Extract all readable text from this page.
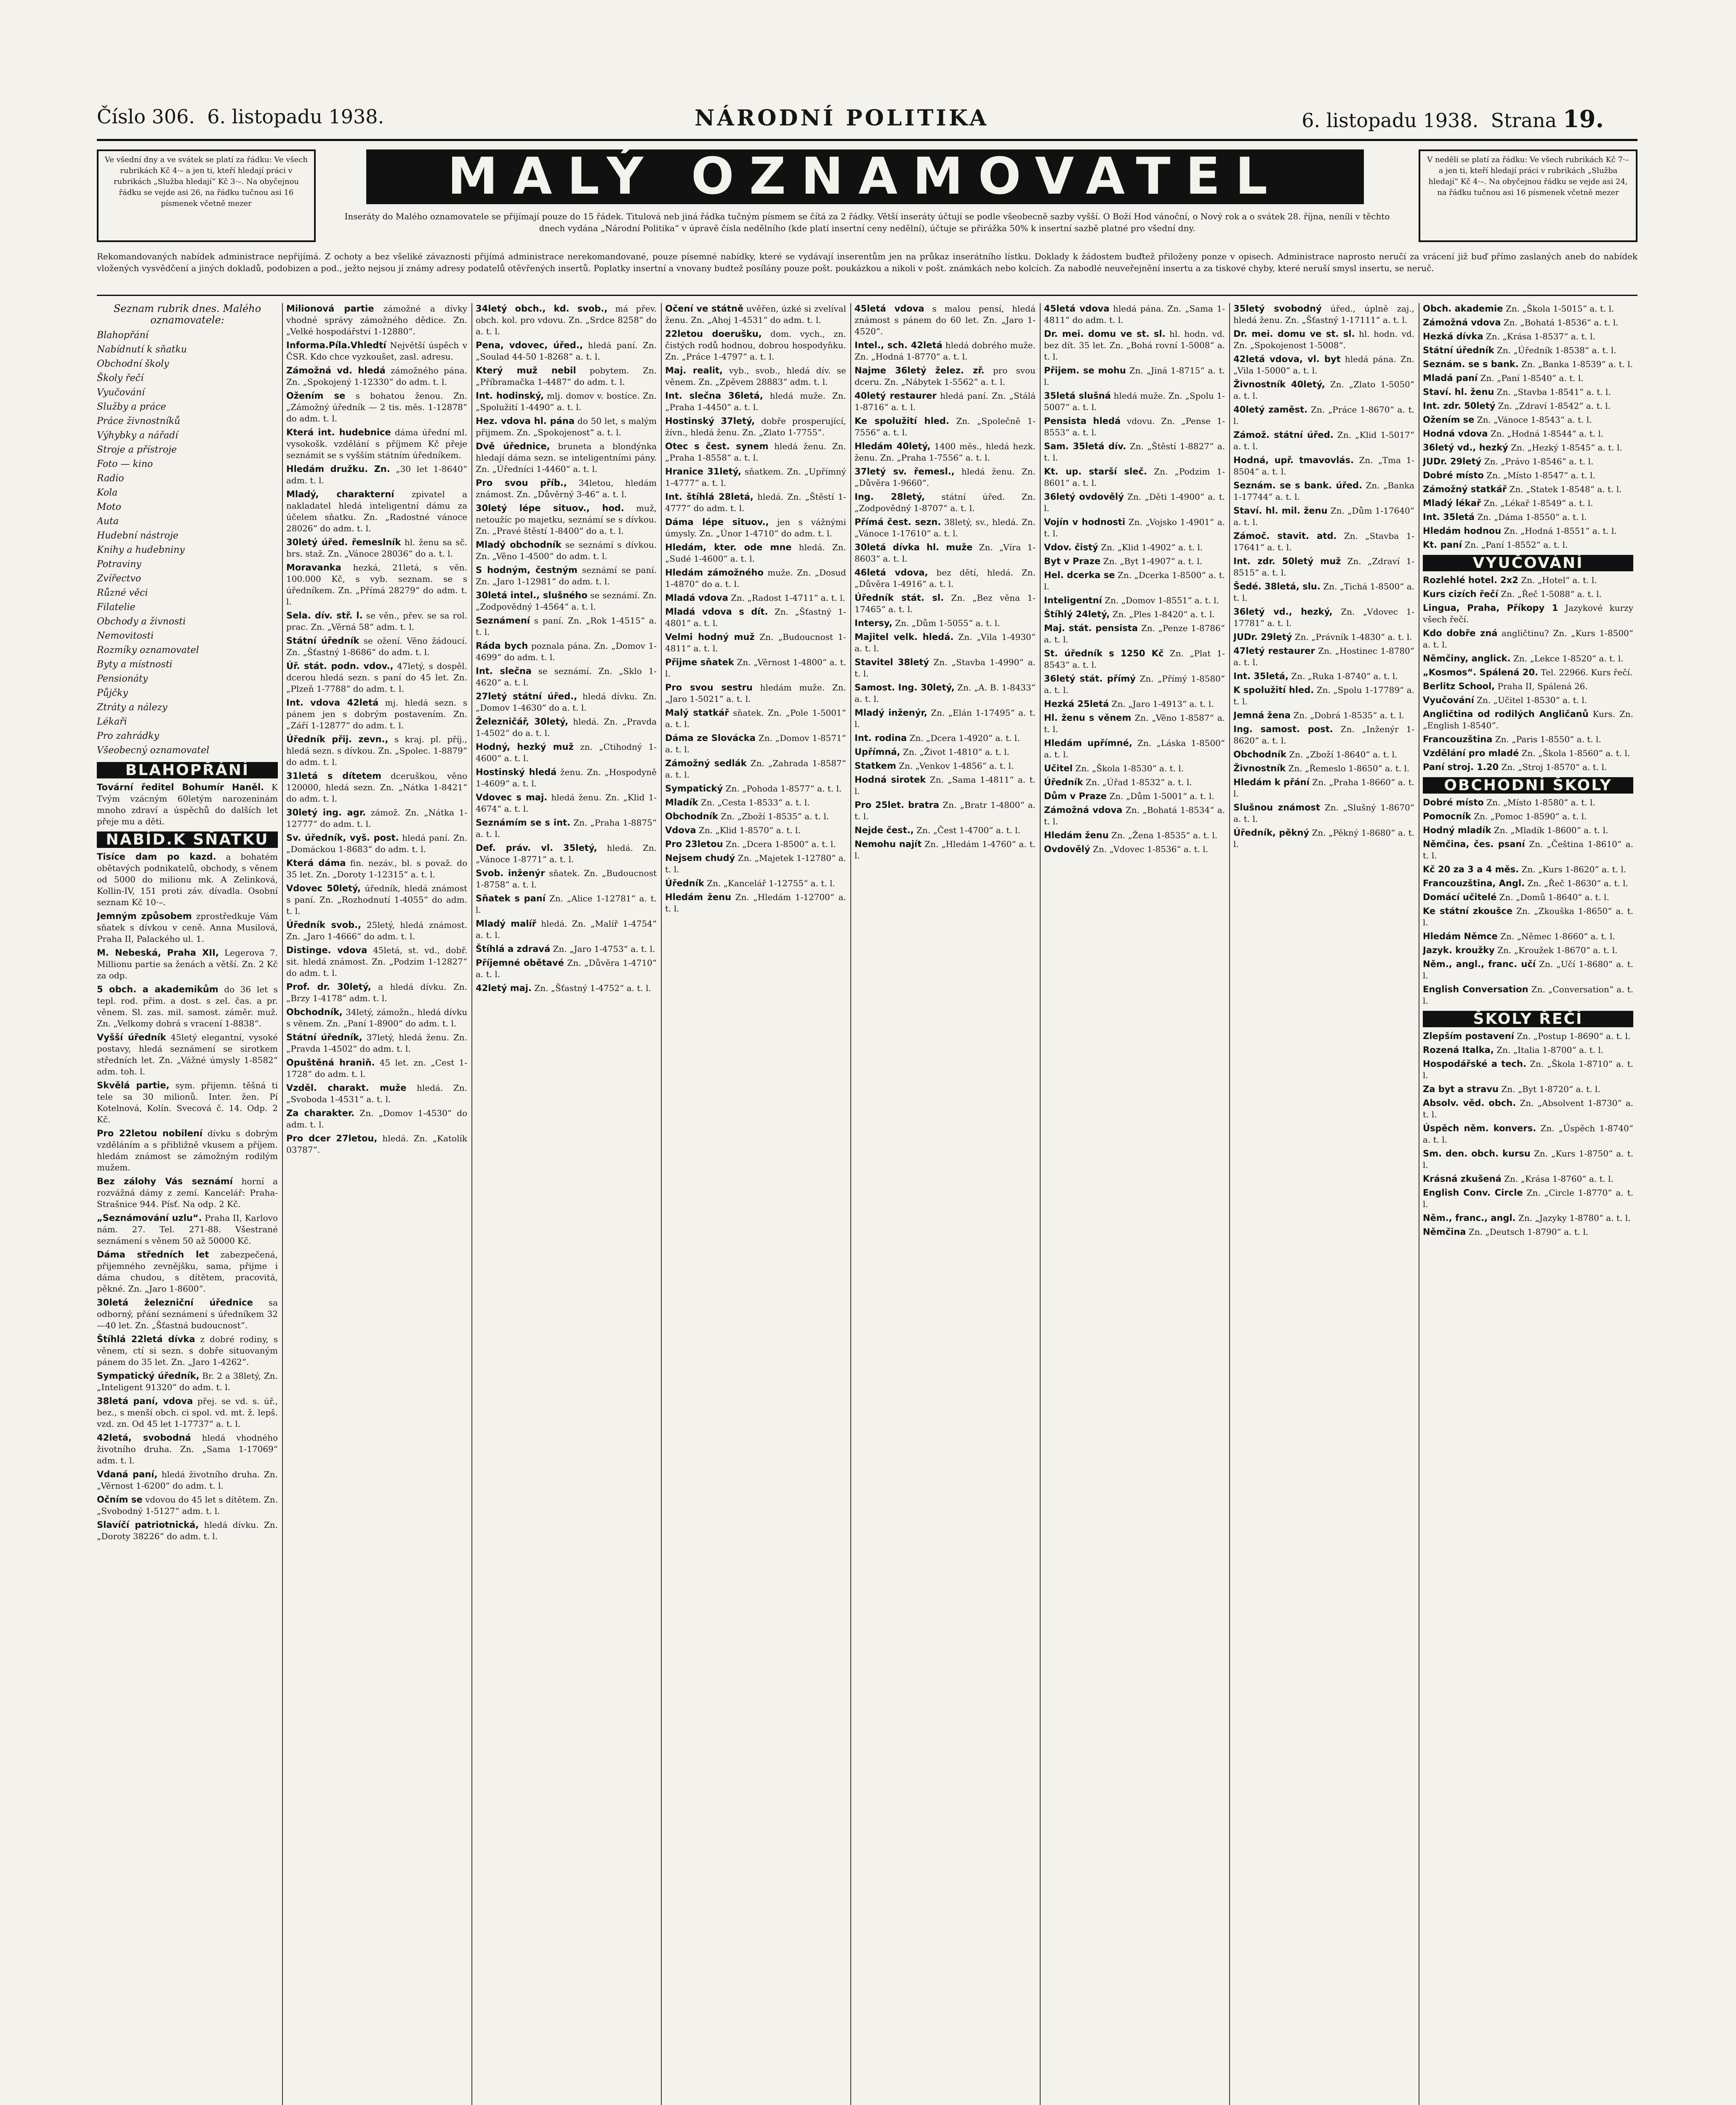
Číslo 306. 6. listopadu 1938.	NÁRODNÍ POLITIKA	6. listopadu 1938. Strana 19.
Ve všední dny a ve svátek se platí za řádku: Ve všech rubrikách Kč 4·– a jen ti, kteří hledají práci v rubrikách „Služba hledají“ Kč 3·–. Na obyčejnou řádku se vejde asi 26, na řádku tučnou asi 16 písmenek včetně mezer	MALÝ OZNAMOVATEL
Inseráty do Malého oznamovatele se přijímají pouze do 15 řádek. Titulová neb jiná řádka tučným písmem se čítá za 2 řádky. Větší inseráty účtují se podle všeobecně sazby vyšší. O Boží Hod vánoční, o Nový rok a o svátek 28. října, neníli v těchto dnech vydána „Národní Politika“ v úpravě čísla nedělního (kde platí insertní ceny nedělní), účtuje se přirážka 50% k insertní sazbě platné pro všední dny.
V neděli se platí za řádku: Ve všech rubrikách Kč 7·– a jen ti, kteří hledají práci v rubrikách „Služba hledají“ Kč 4·–. Na obyčejnou řádku se vejde asi 24, na řádku tučnou asi 16 písmenek včetně mezer
Rekomandovaných nabídek administrace nepřijímá. Z ochoty a bez všeliké závaznosti přijímá administrace nerekomandované, pouze písemné nabídky, které se vydávají inserentům jen na průkaz inserátního lístku. Doklady k žádostem buďtež přiloženy ponze v opisech. Administrace naprosto neručí za vrácení již buď přímo zaslaných aneb do nabídek vložených vysvědčení a jiných dokladů, podobizen a pod., ježto nejsou jí známy adresy podatelů otěvřených insertů. Poplatky insertní a vnovany budtež posílány pouze pošt. poukázkou a nikoli v pošt. známkách nebo kolcích. Za nabodlé neuveřejnění insertu a za tiskové chyby, které neruší smysl insertu, se neruč.
Seznam rubrik dnes. Malého oznamovatele:
Blahopřání
Nabídnutí k sňatku
Obchodní školy
Školy řečí
Vyučování
Služby a práce
Práce živnostníků
Výhybky a nářadí
Stroje a přístroje
Foto — kino
Radio
Kola
Moto
Auta
Hudební nástroje
Knihy a hudebniny
Potraviny
Zvířectvo
Různé věci
Filatelie
Obchody a živnosti
Nemovitosti
Rozmíky oznamovatel
Byty a místnosti
Pensionáty
Půjčky
Ztráty a nálezy
Lékaři
Pro zahrádky
Všeobecný oznamovatel
BLAHOPŘÁNÍ
Tovární ředitel Bohumír Haněl. K Tvým vzácným 60letým narozeninám mnoho zdraví a úspěchů do dalších let přeje mu a děti.
NABÍD.K SŇATKU
Tisíce dam po kazd. a bohatém obětavých podnikatelů, obchody, s věnem od 5000 do milionu mk. A Zelinková, Kollin-IV, 151 proti záv. dívadla. Osobní seznam Kč 10·–.
Jemným způsobem zprostředkuje Vám sňatek s dívkou v ceně. Anna Musilová, Praha II, Palackého ul. 1.
M. Nebeská, Praha XII, Legerova 7. Millionu partie sa ženách a větší. Zn. 2 Kč za odp.
5 obch. a akademikům do 36 let s tepl. rod. přim. a dost. s zel. čas. a pr. věnem. Sl. zas. mil. samost. záměr. muž. Zn. „Velkomy dobrá s vracení 1-8838“.
Vyšší úředník 45letý elegantní, vysoké postavy, hledá seznámení se sirotkem středních let. Zn. „Vážné úmysly 1-8582“ adm. toh. l.
Skvělá partie, sym. přijemn. těšná ti tele sa 30 milionů. Inter. žen. Pí Kotelnová, Kolín. Svecová č. 14. Odp. 2 Kč.
Pro 22letou nobilení dívku s dobrým vzděláním a s přibližně vkusem a příjem. hledám známost se zámožným rodilým mužem.
Bez zálohy Vás seznámí horní a rozvážná dámy z zemí. Kancelář: Praha-Strašnice 944. Písť. Na odp. 2 Kč.
„Seznámování uzlu“. Praha II, Karlovo nám. 27. Tel. 271-88. Všestrané seznámení s věnem 50 až 50000 Kč.
Dáma středních let zabezpečená, přijemného zevnějšku, sama, přijme i dáma chudou, s dítětem, pracovitá, pěkné. Zn. „Jaro 1-8600“.
30letá železniční úřednice sa odborný, přání seznámení s úředníkem 32—40 let. Zn. „Šťastná budoucnost“.
Štíhlá 22letá dívka z dobré rodiny, s věnem, ctí si sezn. s dobře situovaným pánem do 35 let. Zn. „Jaro 1-4262“.
Sympatický úředník, Br. 2 a 38letý, Zn. „Inteligent 91320“ do adm. t. l.
38letá paní, vdova přej. se vd. s. úř., bez., s menší obch. ci spol. vd. mt. ž. lepš. vzd. zn. Od 45 let 1-17737“ a. t. l.
42letá, svobodná hledá vhodného životního druha. Zn. „Sama 1-17069“ adm. t. l.
Vdaná paní, hledá životního druha. Zn. „Věrnost 1-6200“ do adm. t. l.
Očním se vdovou do 45 let s dítětem. Zn. „Svobodný 1-5127“ adm. t. l.
Slavíčí patriotnická, hledá dívku. Zn. „Doroty 38226“ do adm. t. l.
Milionová partie zámožné a dívky vhodné správy zámožného dědice. Zn. „Velké hospodářství 1-12880“.
Informa.Píla.Vhledtí Největší úspěch v ČSR. Kdo chce vyzkoušet, zasl. adresu.
Zámožná vd. hledá zámožného pána. Zn. „Spokojený 1-12330“ do adm. t. l.
Ožením se s bohatou ženou. Zn. „Zámožný úředník — 2 tis. měs. 1-12878“ do adm. t. l.
Která int. hudebnice dáma úřední ml. vysokošk. vzdělání s příjmem Kč přeje seznámit se s vyšším státním úředníkem.
Hledám družku. Zn. „30 let 1-8640“ adm. t. l.
Mladý, charakterní zpivatel a nakladatel hledá inteligentní dámu za účelem sňatku. Zn. „Radostné vánoce 28026“ do adm. t. l.
30letý úřed. řemeslník hl. ženu sa sč. brs. staž. Zn. „Vánoce 28036“ do a. t. l.
Moravanka hezká, 21letá, s věn. 100.000 Kč, s vyb. seznam. se s úředníkem. Zn. „Přímá 28279“ do adm. t. l.
Sela. dív. stř. l. se věn., přev. se sa rol. prac. Zn. „Věrná 58“ adm. t. l.
Státní úředník se ožení. Věno žádoucí. Zn. „Šťastný 1-8686“ do adm. t. l.
Úř. stát. podn. vdov., 47letý, s dospěl. dcerou hledá sezn. s paní do 45 let. Zn. „Plzeň 1-7788“ do adm. t. l.
Int. vdova 42letá mj. hledá sezn. s pánem jen s dobrým postavením. Zn. „Září 1-12877“ do adm. t. l.
Úředník přij. zevn., s kraj. pl. příj., hledá sezn. s dívkou. Zn. „Spolec. 1-8879“ do adm. t. l.
31letá s dítetem dceruškou, věno 120000, hledá sezn. Zn. „Nátka 1-8421“ do adm. t. l.
30letý ing. agr. zámož. Zn. „Nátka 1-12777“ do adm. t. l.
Sv. úředník, vyš. post. hledá paní. Zn. „Domáckou 1-8683“ do adm. t. l.
Která dáma fin. nezáv., bl. s považ. do 35 let. Zn. „Doroty 1-12315“ a. t. l.
Vdovec 50letý, úředník, hledá známost s paní. Zn. „Rozhodnutí 1-4055“ do adm. t. l.
Úředník svob., 25letý, hledá známost. Zn. „Jaro 1-4666“ do adm. t. l.
Distinge. vdova 45letá, st. vd., dobř. sit. hledá známost. Zn. „Podzim 1-12827“ do adm. t. l.
Prof. dr. 30letý, a hledá dívku. Zn. „Brzy 1-4178“ adm. t. l.
Obchodník, 34letý, zámožn., hledá dívku s věnem. Zn. „Paní 1-8900“ do adm. t. l.
Státní úředník, 37letý, hledá ženu. Zn. „Pravda 1-4502“ do adm. t. l.
Opuštěná hraniň. 45 let. zn. „Cest 1-1728“ do adm. t. l.
Vzděl. charakt. muže hledá. Zn. „Svoboda 1-4531“ a. t. l.
Za charakter. Zn. „Domov 1-4530“ do adm. t. l.
Pro dcer 27letou, hledá. Zn. „Katolík 03787“.
34letý obch., kd. svob., má přev. obch. kol. pro vdovu. Zn. „Srdce 8258“ do a. t. l.
Pena, vdovec, úřed., hledá paní. Zn. „Soulad 44-50 1-8268“ a. t. l.
Který muž nebil pobytem. Zn. „Příbramačka 1-4487“ do adm. t. l.
Int. hodinský, mlj. domov v. bostíce. Zn. „Spolužití 1-4490“ a. t. l.
Hez. vdova hl. pána do 50 let, s malým přijmem. Zn. „Spokojenost“ a. t. l.
Dvě úřednice, bruneta a blondýnka hledají dáma sezn. se inteligentními pány. Zn. „Úředníci 1-4460“ a. t. l.
Pro svou příb., 34letou, hledám známost. Zn. „Důvěrný 3-46“ a. t. l.
30letý lépe situov., hod. muž, netoužíc po majetku, seznámí se s dívkou. Zn. „Pravé štěstí 1-8400“ do a. t. l.
Mladý obchodník se seznámí s dívkou. Zn. „Věno 1-4500“ do adm. t. l.
S hodným, čestným seznámí se paní. Zn. „Jaro 1-12981“ do adm. t. l.
30letá intel., slušného se seznámí. Zn. „Zodpovědný 1-4564“ a. t. l.
Seznámení s paní. Zn. „Rok 1-4515“ a. t. l.
Ráda bych poznala pána. Zn. „Domov 1-4699“ do adm. t. l.
Int. slečna se seznámí. Zn. „Sklo 1-4620“ a. t. l.
27letý státní úřed., hledá dívku. Zn. „Domov 1-4630“ do a. t. l.
Železničář, 30letý, hledá. Zn. „Pravda 1-4502“ do a. t. l.
Hodný, hezký muž zn. „Ctihodný 1-4600“ a. t. l.
Hostinský hledá ženu. Zn. „Hospodyně 1-4609“ a. t. l.
Vdovec s maj. hledá ženu. Zn. „Klid 1-4674“ a. t. l.
Seznámím se s int. Zn. „Praha 1-8875“ a. t. l.
Def. práv. vl. 35letý, hledá. Zn. „Vánoce 1-8771“ a. t. l.
Svob. inženýr sňatek. Zn. „Budoucnost 1-8758“ a. t. l.
Sňatek s paní Zn. „Alice 1-12781“ a. t. l.
Mladý malíř hledá. Zn. „Malíř 1-4754“ a. t. l.
Štíhlá a zdravá Zn. „Jaro 1-4753“ a. t. l.
Příjemné obětavé Zn. „Důvěra 1-4710“ a. t. l.
42letý maj. Zn. „Šťastný 1-4752“ a. t. l.
Očení ve státně uvěřen, úzké si zvelíval ženu. Zn. „Ahoj 1-4531“ do adm. t. l.
22letou doerušku, dom. vych., zn. čistých rodů hodnou, dobrou hospodyňku. Zn. „Práce 1-4797“ a. t. l.
Maj. realit, vyb., svob., hledá dív. se věnem. Zn. „Zpěvem 28883“ adm. t. l.
Int. slečna 36letá, hledá muže. Zn. „Praha 1-4450“ a. t. l.
Hostinský 37letý, dobře prosperující, žívn., hledá ženu. Zn. „Zlato 1-7755“.
Otec s čest. synem hledá ženu. Zn. „Praha 1-8558“ a. t. l.
Hranice 31letý, sňatkem. Zn. „Upřímný 1-4777“ a. t. l.
Int. štíhlá 28letá, hledá. Zn. „Štěstí 1-4777“ do adm. t. l.
Dáma lépe situov., jen s vážnými úmysly. Zn. „Únor 1-4710“ do adm. t. l.
Hledám, kter. ode mne hledá. Zn. „Sudé 1-4600“ a. t. l.
Hledám zámožného muže. Zn. „Dosud 1-4870“ do a. t. l.
Mladá vdova Zn. „Radost 1-4711“ a. t. l.
Mladá vdova s dít. Zn. „Šťastný 1-4801“ a. t. l.
Velmi hodný muž Zn. „Budoucnost 1-4811“ a. t. l.
Přijme sňatek Zn. „Věrnost 1-4800“ a. t. l.
Pro svou sestru hledám muže. Zn. „Jaro 1-5021“ a. t. l.
Malý statkář sňatek. Zn. „Pole 1-5001“ a. t. l.
Dáma ze Slovácka Zn. „Domov 1-8571“ a. t. l.
Zámožný sedlák Zn. „Zahrada 1-8587“ a. t. l.
Sympatický Zn. „Pohoda 1-8577“ a. t. l.
Mladík Zn. „Cesta 1-8533“ a. t. l.
Obchodník Zn. „Zboží 1-8535“ a. t. l.
Vdova Zn. „Klid 1-8570“ a. t. l.
Pro 23letou Zn. „Dcera 1-8500“ a. t. l.
Nejsem chudý Zn. „Majetek 1-12780“ a. t. l.
Úředník Zn. „Kancelář 1-12755“ a. t. l.
Hledám ženu Zn. „Hledám 1-12700“ a. t. l.
45letá vdova s malou pensí, hledá známost s pánem do 60 let. Zn. „Jaro 1-4520“.
Intel., sch. 42letá hledá dobrého muže. Zn. „Hodná 1-8770“ a. t. l.
Najme 36letý želez. zř. pro svou dceru. Zn. „Nábytek 1-5562“ a. t. l.
40letý restaurer hledá paní. Zn. „Stálá 1-8716“ a. t. l.
Ke spolužití hled. Zn. „Společně 1-7556“ a. t. l.
Hledám 40letý, 1400 měs., hledá hezk. ženu. Zn. „Praha 1-7556“ a. t. l.
37letý sv. řemesl., hledá ženu. Zn. „Důvěra 1-9660“.
Ing. 28letý, státní úřed. Zn. „Zodpovědný 1-8707“ a. t. l.
Přímá čest. sezn. 38letý, sv., hledá. Zn. „Vánoce 1-17610“ a. t. l.
30letá dívka hl. muže Zn. „Víra 1-8603“ a. t. l.
46letá vdova, bez dětí, hledá. Zn. „Důvěra 1-4916“ a. t. l.
Úředník stát. sl. Zn. „Bez věna 1-17465“ a. t. l.
Intersy, Zn. „Dům 1-5055“ a. t. l.
Majitel velk. hledá. Zn. „Vila 1-4930“ a. t. l.
Stavitel 38letý Zn. „Stavba 1-4990“ a. t. l.
Samost. Ing. 30letý, Zn. „A. B. 1-8433“ a. t. l.
Mladý inženýr, Zn. „Elán 1-17495“ a. t. l.
Int. rodina Zn. „Dcera 1-4920“ a. t. l.
Upřímná, Zn. „Život 1-4810“ a. t. l.
Statkem Zn. „Venkov 1-4856“ a. t. l.
Hodná sirotek Zn. „Sama 1-4811“ a. t. l.
Pro 25let. bratra Zn. „Bratr 1-4800“ a. t. l.
Nejde čest., Zn. „Čest 1-4700“ a. t. l.
Nemohu najít Zn. „Hledám 1-4760“ a. t. l.
45letá vdova hledá pána. Zn. „Sama 1-4811“ do adm. t. l.
Dr. mei. domu ve st. sl. hl. hodn. vd. bez dít. 35 let. Zn. „Bohá rovní 1-5008“ a. t. l.
Přijem. se mohu Zn. „Jiná 1-8715“ a. t. l.
35letá slušná hledá muže. Zn. „Spolu 1-5007“ a. t. l.
Pensista hledá vdovu. Zn. „Pense 1-8553“ a. t. l.
Sam. 35letá dív. Zn. „Štěstí 1-8827“ a. t. l.
Kt. up. starší sleč. Zn. „Podzim 1-8601“ a. t. l.
36letý ovdovělý Zn. „Děti 1-4900“ a. t. l.
Vojín v hodnosti Zn. „Vojsko 1-4901“ a. t. l.
Vdov. čistý Zn. „Klid 1-4902“ a. t. l.
Byt v Praze Zn. „Byt 1-4907“ a. t. l.
Hel. dcerka se Zn. „Dcerka 1-8500“ a. t. l.
Inteligentní Zn. „Domov 1-8551“ a. t. l.
Štíhlý 24letý, Zn. „Ples 1-8420“ a. t. l.
Maj. stát. pensista Zn. „Penze 1-8786“ a. t. l.
St. úředník s 1250 Kč Zn. „Plat 1-8543“ a. t. l.
36letý stát. přímý Zn. „Přímý 1-8580“ a. t. l.
Hezká 25letá Zn. „Jaro 1-4913“ a. t. l.
Hl. ženu s věnem Zn. „Věno 1-8587“ a. t. l.
Hledám upřímné, Zn. „Láska 1-8500“ a. t. l.
Učitel Zn. „Škola 1-8530“ a. t. l.
Úředník Zn. „Úřad 1-8532“ a. t. l.
Dům v Praze Zn. „Dům 1-5001“ a. t. l.
Zámožná vdova Zn. „Bohatá 1-8534“ a. t. l.
Hledám ženu Zn. „Žena 1-8535“ a. t. l.
Ovdovělý Zn. „Vdovec 1-8536“ a. t. l.
35letý svobodný úřed., úplně zaj., hledá ženu. Zn. „Šťastný 1-17111“ a. t. l.
Dr. mei. domu ve st. sl. hl. hodn. vd. Zn. „Spokojenost 1-5008“.
42letá vdova, vl. byt hledá pána. Zn. „Vila 1-5000“ a. t. l.
Živnostník 40letý, Zn. „Zlato 1-5050“ a. t. l.
40letý zaměst. Zn. „Práce 1-8670“ a. t. l.
Zámož. státní úřed. Zn. „Klid 1-5017“ a. t. l.
Hodná, upř. tmavovlás. Zn. „Tma 1-8504“ a. t. l.
Seznám. se s bank. úřed. Zn. „Banka 1-17744“ a. t. l.
Staví. hl. mil. ženu Zn. „Dům 1-17640“ a. t. l.
Zámoč. stavit. atd. Zn. „Stavba 1-17641“ a. t. l.
Int. zdr. 50letý muž Zn. „Zdraví 1-8515“ a. t. l.
Šedé. 38letá, slu. Zn. „Tichá 1-8500“ a. t. l.
36letý vd., hezký, Zn. „Vdovec 1-17781“ a. t. l.
JUDr. 29letý Zn. „Právník 1-4830“ a. t. l.
47letý restaurer Zn. „Hostinec 1-8780“ a. t. l.
Int. 35letá, Zn. „Ruka 1-8740“ a. t. l.
K spolužití hled. Zn. „Spolu 1-17789“ a. t. l.
Jemná žena Zn. „Dobrá 1-8535“ a. t. l.
Ing. samost. post. Zn. „Inženýr 1-8620“ a. t. l.
Obchodník Zn. „Zboží 1-8640“ a. t. l.
Živnostník Zn. „Řemeslo 1-8650“ a. t. l.
Hledám k přání Zn. „Praha 1-8660“ a. t. l.
Slušnou známost Zn. „Slušný 1-8670“ a. t. l.
Úředník, pěkný Zn. „Pěkný 1-8680“ a. t. l.
Obch. akademie Zn. „Škola 1-5015“ a. t. l.
Zámožná vdova Zn. „Bohatá 1-8536“ a. t. l.
Hezká dívka Zn. „Krása 1-8537“ a. t. l.
Státní úředník Zn. „Úředník 1-8538“ a. t. l.
Seznám. se s bank. Zn. „Banka 1-8539“ a. t. l.
Mladá paní Zn. „Paní 1-8540“ a. t. l.
Staví. hl. ženu Zn. „Stavba 1-8541“ a. t. l.
Int. zdr. 50letý Zn. „Zdraví 1-8542“ a. t. l.
Ožením se Zn. „Vánoce 1-8543“ a. t. l.
Hodná vdova Zn. „Hodná 1-8544“ a. t. l.
36letý vd., hezký Zn. „Hezký 1-8545“ a. t. l.
JUDr. 29letý Zn. „Právo 1-8546“ a. t. l.
Dobré místo Zn. „Místo 1-8547“ a. t. l.
Zámožný statkář Zn. „Statek 1-8548“ a. t. l.
Mladý lékař Zn. „Lékař 1-8549“ a. t. l.
Int. 35letá Zn. „Dáma 1-8550“ a. t. l.
Hledám hodnou Zn. „Hodná 1-8551“ a. t. l.
Kt. paní Zn. „Paní 1-8552“ a. t. l.
VYUČOVÁNÍ
Rozlehlé hotel. 2x2 Zn. „Hotel“ a. t. l.
Kurs cizích řečí Zn. „Řeč 1-5088“ a. t. l.
Lingua, Praha, Příkopy 1 Jazykové kurzy všech řečí.
Kdo dobře zná angličtinu? Zn. „Kurs 1-8500“ a. t. l.
Němčiny, anglick. Zn. „Lekce 1-8520“ a. t. l.
„Kosmos“. Spálená 20. Tel. 22966. Kurs řečí.
Berlitz School, Praha II, Spálená 26.
Vyučování Zn. „Učitel 1-8530“ a. t. l.
Angličtina od rodilých Angličanů Kurs. Zn. „English 1-8540“.
Francouzština Zn. „Paris 1-8550“ a. t. l.
Vzdělání pro mladé Zn. „Škola 1-8560“ a. t. l.
Paní stroj. 1.20 Zn. „Stroj 1-8570“ a. t. l.
OBCHODNÍ ŠKOLY
Dobré místo Zn. „Místo 1-8580“ a. t. l.
Pomocník Zn. „Pomoc 1-8590“ a. t. l.
Hodný mladík Zn. „Mladík 1-8600“ a. t. l.
Němčina, čes. psaní Zn. „Čeština 1-8610“ a. t. l.
Kč 20 za 3 a 4 měs. Zn. „Kurs 1-8620“ a. t. l.
Francouzština, Angl. Zn. „Řeč 1-8630“ a. t. l.
Domácí učitelé Zn. „Domů 1-8640“ a. t. l.
Ke státní zkoušce Zn. „Zkouška 1-8650“ a. t. l.
Hledám Němce Zn. „Němec 1-8660“ a. t. l.
Jazyk. kroužky Zn. „Kroužek 1-8670“ a. t. l.
Něm., angl., franc. učí Zn. „Učí 1-8680“ a. t. l.
English Conversation Zn. „Conversation“ a. t. l.
ŠKOLY ŘEČÍ
Zlepším postavení Zn. „Postup 1-8690“ a. t. l.
Rozená Italka, Zn. „Italia 1-8700“ a. t. l.
Hospodářské a tech. Zn. „Škola 1-8710“ a. t. l.
Za byt a stravu Zn. „Byt 1-8720“ a. t. l.
Absolv. věd. obch. Zn. „Absolvent 1-8730“ a. t. l.
Úspěch něm. konvers. Zn. „Úspěch 1-8740“ a. t. l.
Sm. den. obch. kursu Zn. „Kurs 1-8750“ a. t. l.
Krásná zkušená Zn. „Krása 1-8760“ a. t. l.
English Conv. Circle Zn. „Circle 1-8770“ a. t. l.
Něm., franc., angl. Zn. „Jazyky 1-8780“ a. t. l.
Němčina Zn. „Deutsch 1-8790“ a. t. l.
